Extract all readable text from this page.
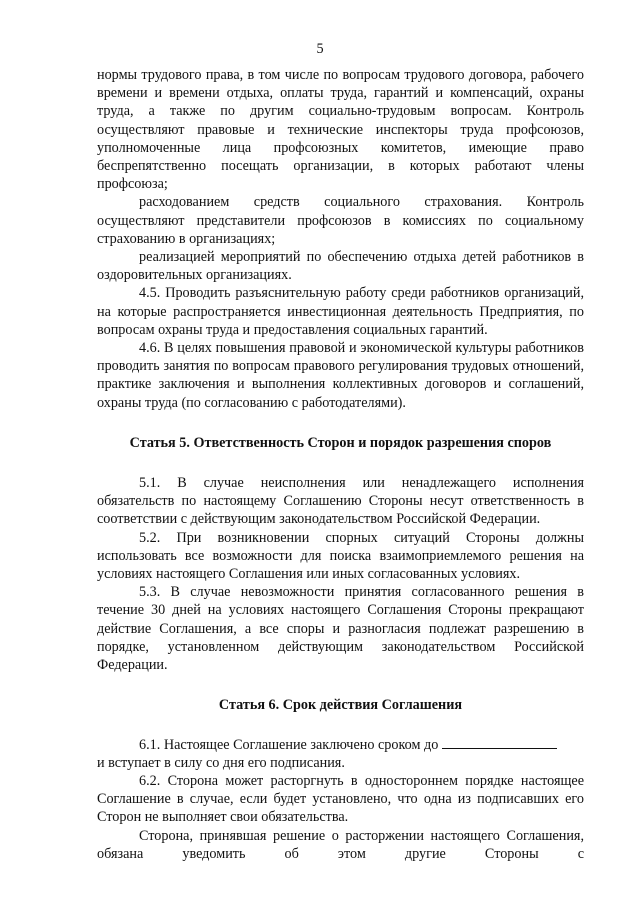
5

нормы трудового права, в том числе по вопросам трудового договора, рабочего времени и времени отдыха, оплаты труда, гарантий и компенсаций, охраны труда, а также по другим социально-трудовым вопросам. Контроль осуществляют правовые и технические инспекторы труда профсоюзов, уполномоченные лица профсоюзных комитетов, имеющие право беспрепятственно посещать организации, в которых работают члены профсоюза;

расходованием средств социального страхования. Контроль осуществляют представители профсоюзов в комиссиях по социальному страхованию в организациях;

реализацией мероприятий по обеспечению отдыха детей работников в оздоровительных организациях.

4.5. Проводить разъяснительную работу среди работников организаций, на которые распространяется инвестиционная деятельность Предприятия, по вопросам охраны труда и предоставления социальных гарантий.

4.6. В целях повышения правовой и экономической культуры работников проводить занятия по вопросам правового регулирования трудовых отношений, практике заключения и выполнения коллективных договоров и соглашений, охраны труда (по согласованию с работодателями).

Статья 5. Ответственность Сторон и порядок разрешения споров

5.1. В случае неисполнения или ненадлежащего исполнения обязательств по настоящему Соглашению Стороны несут ответственность в соответствии с действующим законодательством Российской Федерации.

5.2. При возникновении спорных ситуаций Стороны должны использовать все возможности для поиска взаимоприемлемого решения на условиях настоящего Соглашения или иных согласованных условиях.

5.3. В случае невозможности принятия согласованного решения в течение 30 дней на условиях настоящего Соглашения Стороны прекращают действие Соглашения, а все споры и разногласия подлежат разрешению в порядке, установленном действующим законодательством Российской Федерации.

Статья 6. Срок действия Соглашения

6.1. Настоящее Соглашение заключено сроком до

и вступает в силу со дня его подписания.

6.2. Сторона может расторгнуть в одностороннем порядке настоящее Соглашение в случае, если будет установлено, что одна из подписавших его Сторон не выполняет свои обязательства.

Сторона, принявшая решение о расторжении настоящего Соглашения, обязана уведомить об этом другие Стороны с
